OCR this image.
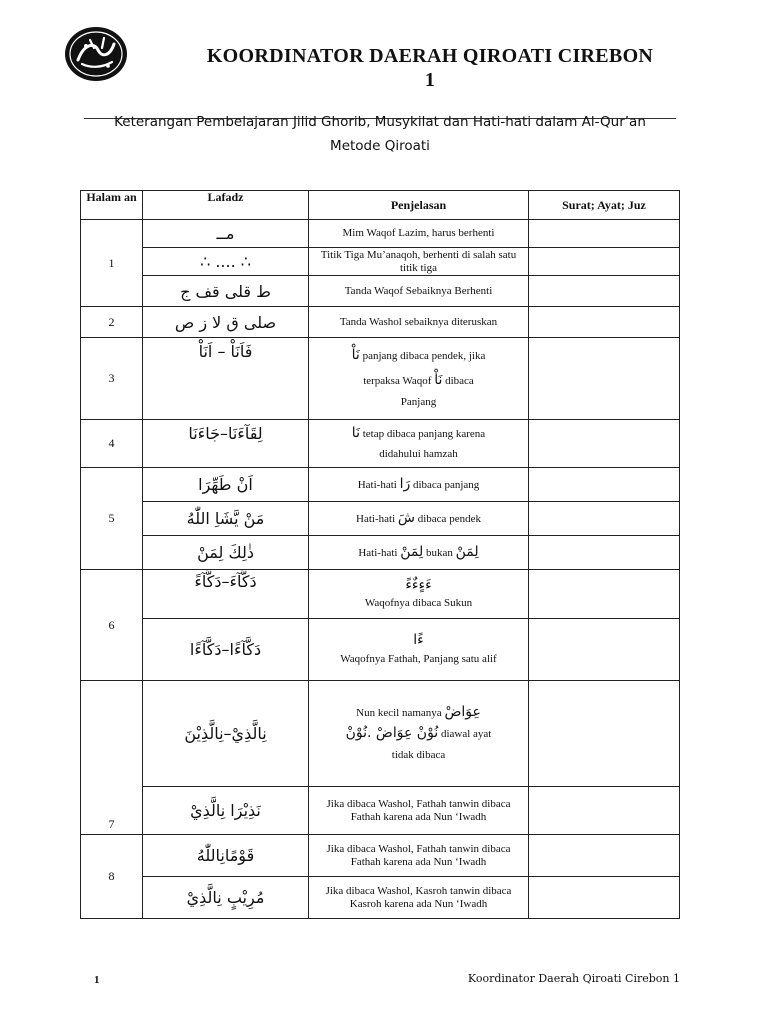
KOORDINATOR DAERAH QIROATI CIREBON
1
Keterangan Pembelajaran Jilid Ghorib, Musykilat dan Hati-hati dalam Al-Qur’an
Metode Qiroati
Halam an	Lafadz	Penjelasan	Surat; Ayat; Juz
1	ﻣــ	Mim Waqof Lazim, harus berhenti	
	∴ .... ∴	Titik Tiga Mu’anaqoh, berhenti di salah satu titik tiga	
	ط قلى قف ج	Tanda Waqof Sebaiknya Berhenti	
2	صلى ق لا ز ص	Tanda Washol sebaiknya diteruskan	
3	فَاَنَاْ – اَنَاْ	نَاْ panjang dibaca pendek, jika
terpaksa Waqof نَاْ dibaca
Panjang	

4	لِقَآءَنَا–جَاءَنَا	نَا tetap dibaca panjang karena
didahului hamzah	

5	اَنْ طَهِّرَا	Hati-hati رَا dibaca panjang	
	مَنْ يَّشَاِ اللّٰهُ	Hati-hati شَ dibaca pendek	
	ذٰلِكَ لِمَنْ	Hati-hati لِمَنْ bukan لِمَنْ	
6	دَكَّآءَ–دَكَّآءً	ءَءٍءٌءً
Waqofnya dibaca Sukun	

	دَكَّآءًا–دَكَّآءًا	ءًا
Waqofnya Fathah, Panjang satu alif	

7	نِالَّذِيْ–نِالَّذِيْنَ	Nun kecil namanya عِوَاضْ
نُوْنْ عِوَاضْ .نُوْنْ diawal ayat
tidak dibaca	

	نَذِيْرَا نِالَّذِيْ	Jika dibaca Washol, Fathah tanwin dibaca Fathah karena ada Nun ‘Iwadh	
8	قَوْمًانِاللّٰهُ	Jika dibaca Washol, Fathah tanwin dibaca Fathah karena ada Nun ‘Iwadh	
	مُرِيْبٍ نِالَّذِيْ	Jika dibaca Washol, Kasroh tanwin dibaca Kasroh karena ada Nun ‘Iwadh	
1	Koordinator Daerah Qiroati Cirebon 1
